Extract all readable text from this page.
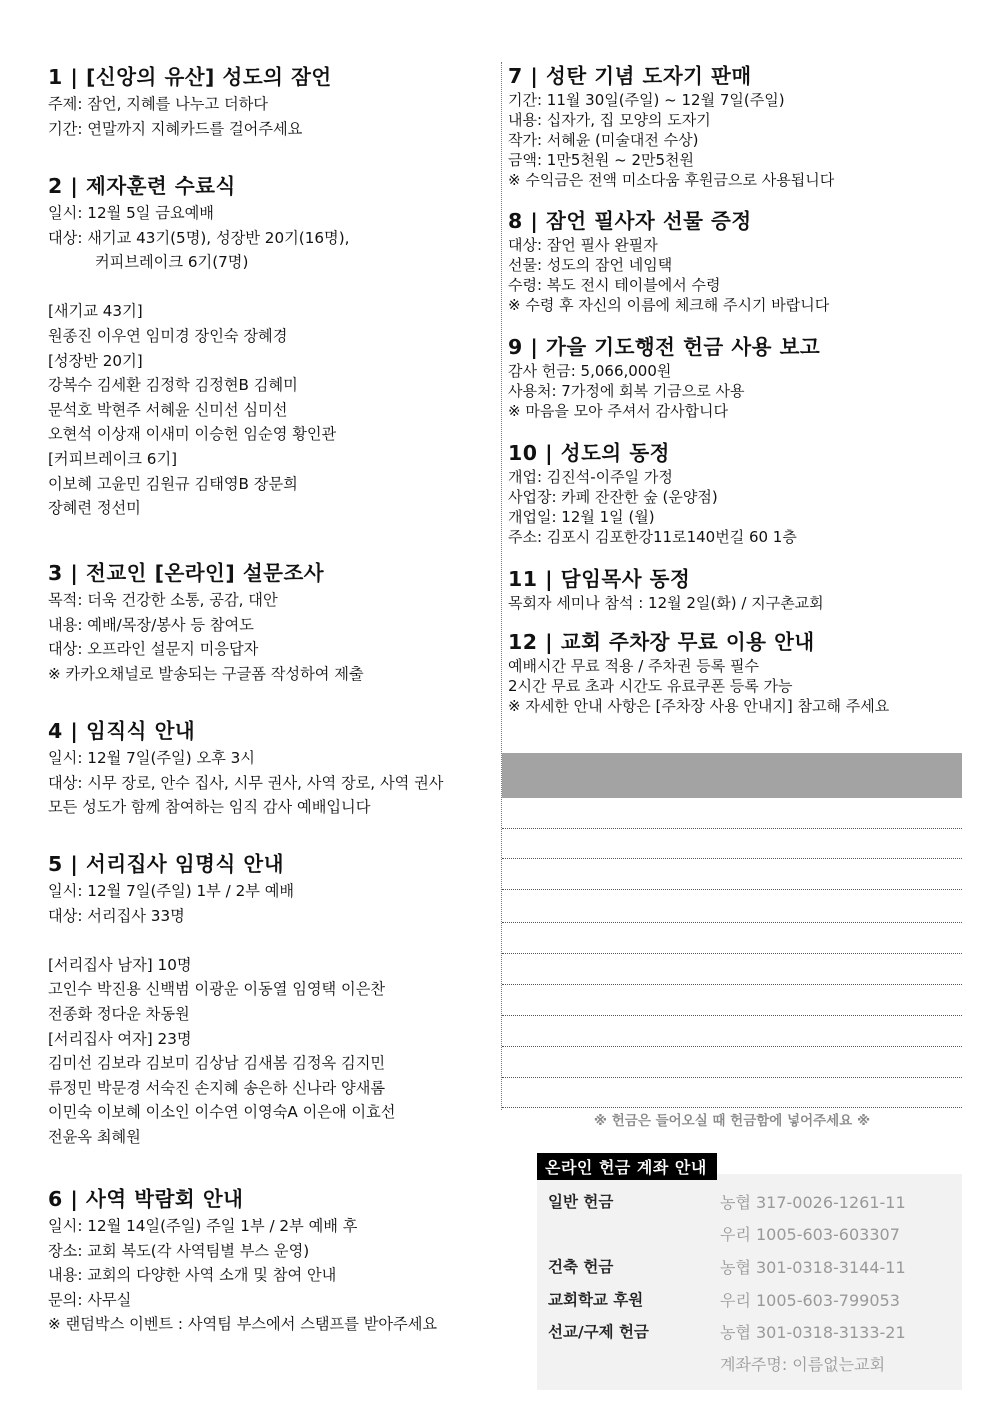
1 | [신앙의 유산] 성도의 잠언
주제: 잠언, 지혜를 나누고 더하다
기간: 연말까지 지혜카드를 걸어주세요
2 | 제자훈련 수료식
일시: 12월 5일 금요예배
대상: 새기교 43기(5명), 성장반 20기(16명),
커피브레이크 6기(7명)
[새기교 43기]
원종진 이우연 임미경 장인숙 장혜경
[성장반 20기]
강복수 김세환 김정학 김정현B 김혜미
문석호 박현주 서혜윤 신미선 심미선
오현석 이상재 이새미 이승헌 임순영 황인관
[커피브레이크 6기]
이보혜 고윤민 김원규 김태영B 장문희
장혜련 정선미
3 | 전교인 [온라인] 설문조사
목적: 더욱 건강한 소통, 공감, 대안
내용: 예배/목장/봉사 등 참여도
대상: 오프라인 설문지 미응답자
※ 카카오채널로 발송되는 구글폼 작성하여 제출
4 | 임직식 안내
일시: 12월 7일(주일) 오후 3시
대상: 시무 장로, 안수 집사, 시무 권사, 사역 장로, 사역 권사
모든 성도가 함께 참여하는 임직 감사 예배입니다
5 | 서리집사 임명식 안내
일시: 12월 7일(주일) 1부 / 2부 예배
대상: 서리집사 33명
[서리집사 남자] 10명
고인수 박진용 신백범 이광운 이동열 임영택 이은찬
전종화 정다운 차동원
[서리집사 여자] 23명
김미선 김보라 김보미 김상남 김새봄 김정옥 김지민
류정민 박문경 서숙진 손지혜 송은하 신나라 양새롬
이민숙 이보혜 이소인 이수연 이영숙A 이은애 이효선
전윤옥 최혜원
6 | 사역 박람회 안내
일시: 12월 14일(주일) 주일 1부 / 2부 예배 후
장소: 교회 복도(각 사역팀별 부스 운영)
내용: 교회의 다양한 사역 소개 및 참여 안내
문의: 사무실
※ 랜덤박스 이벤트 : 사역팀 부스에서 스탬프를 받아주세요
7 | 성탄 기념 도자기 판매
기간: 11월 30일(주일) ~ 12월 7일(주일)
내용: 십자가, 집 모양의 도자기
작가: 서혜윤 (미술대전 수상)
금액: 1만5천원 ~ 2만5천원
※ 수익금은 전액 미소다움 후원금으로 사용됩니다
8 | 잠언 필사자 선물 증정
대상: 잠언 필사 완필자
선물: 성도의 잠언 네임택
수령: 복도 전시 테이블에서 수령
※ 수령 후 자신의 이름에 체크해 주시기 바랍니다
9 | 가을 기도행전 헌금 사용 보고
감사 헌금: 5,066,000원
사용처: 7가정에 회복 기금으로 사용
※ 마음을 모아 주셔서 감사합니다
10 | 성도의 동정
개업: 김진석-이주일 가정
사업장: 카페 잔잔한 숲 (운양점)
개업일: 12월 1일 (월)
주소: 김포시 김포한강11로140번길 60 1층
11 | 담임목사 동정
목회자 세미나 참석 : 12월 2일(화) / 지구촌교회
12 | 교회 주차장 무료 이용 안내
예배시간 무료 적용 / 주차권 등록 필수
2시간 무료 초과 시간도 유료쿠폰 등록 가능
※ 자세한 안내 사항은 [주차장 사용 안내지] 참고해 주세요
※ 헌금은 들어오실 때 헌금함에 넣어주세요 ※
온라인 헌금 계좌 안내
일반 헌금	농협 317-0026-1261-11
우리 1005-603-603307
건축 헌금	농협 301-0318-3144-11
교회학교 후원	우리 1005-603-799053
선교/구제 헌금	농협 301-0318-3133-21
계좌주명: 이름없는교회
